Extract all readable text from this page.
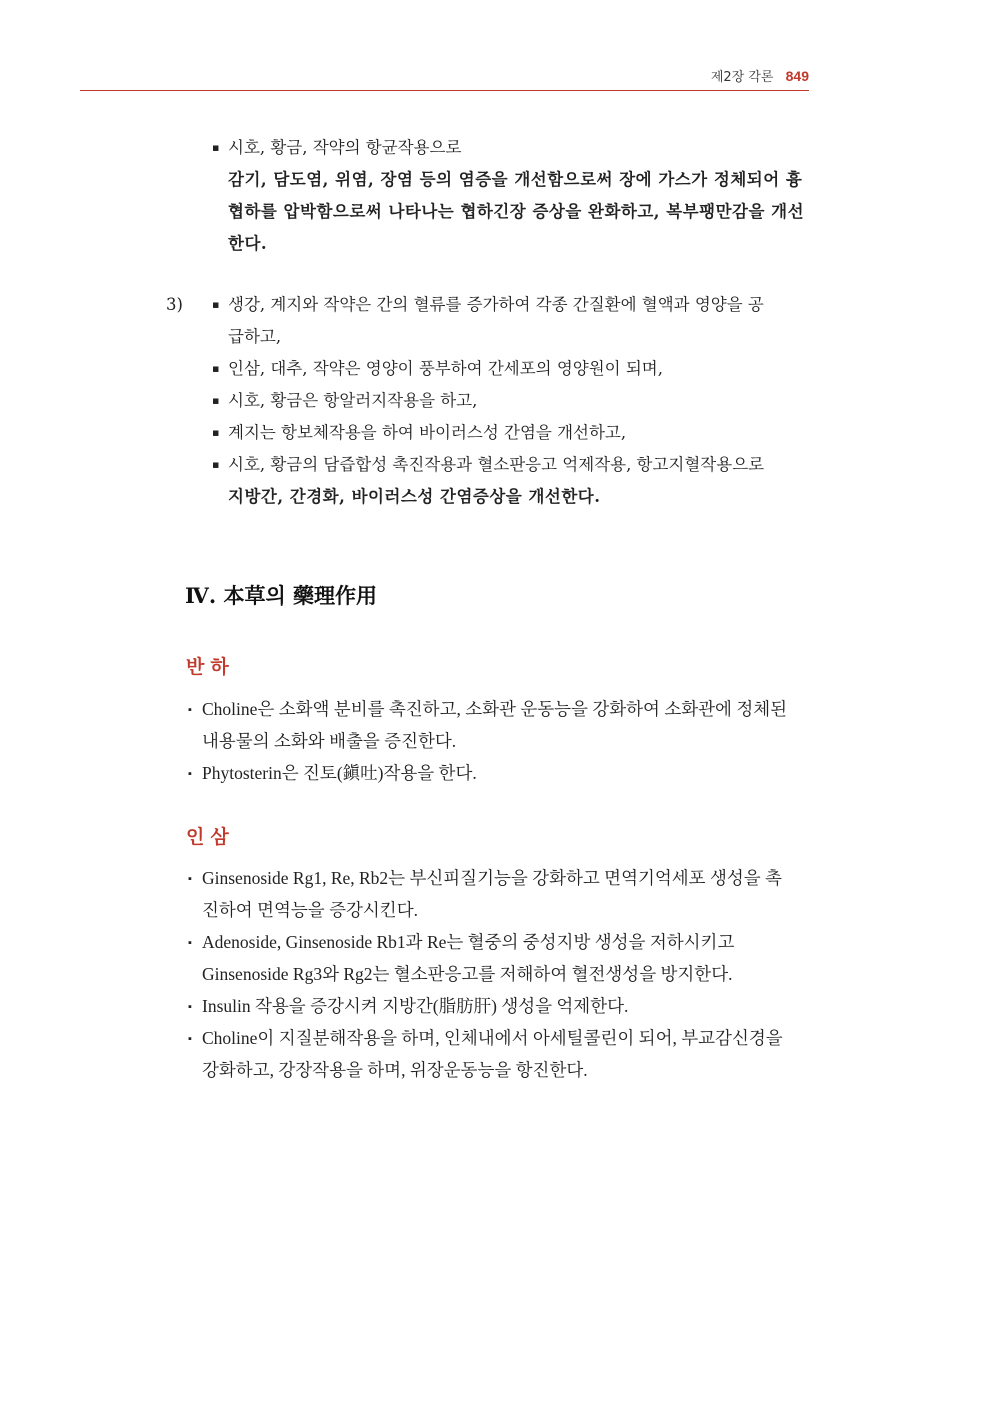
제2장 각론 849
▪시호, 황금, 작약의 항균작용으로
감기, 담도염, 위염, 장염 등의 염증을 개선함으로써 장에 가스가 정체되어 흉
협하를 압박함으로써 나타나는 협하긴장 증상을 완화하고, 복부팽만감을 개선
한다.
3)
▪	생강, 계지와 작약은 간의 혈류를 증가하여 각종 간질환에 혈액과 영양을 공
급하고,
▪인삼, 대추, 작약은 영양이 풍부하여 간세포의 영양원이 되며,
▪시호, 황금은 항알러지작용을 하고,
▪계지는 항보체작용을 하여 바이러스성 간염을 개선하고,
▪시호, 황금의 담즙합성 촉진작용과 혈소판응고 억제작용, 항고지혈작용으로
지방간, 간경화, 바이러스성 간염증상을 개선한다.
Ⅳ. 本草의 藥理作用
반하
▪Choline은 소화액 분비를 촉진하고, 소화관 운동능을 강화하여 소화관에 정체된
내용물의 소화와 배출을 증진한다.
▪Phytosterin은 진토(鎭吐)작용을 한다.
인삼
▪Ginsenoside Rg1, Re, Rb2는 부신피질기능을 강화하고 면역기억세포 생성을 촉
진하여 면역능을 증강시킨다.
▪Adenoside, Ginsenoside Rb1과 Re는 혈중의 중성지방 생성을 저하시키고
Ginsenoside Rg3와 Rg2는 혈소판응고를 저해하여 혈전생성을 방지한다.
▪Insulin 작용을 증강시켜 지방간(脂肪肝) 생성을 억제한다.
▪Choline이 지질분해작용을 하며, 인체내에서 아세틸콜린이 되어, 부교감신경을
강화하고, 강장작용을 하며, 위장운동능을 항진한다.
